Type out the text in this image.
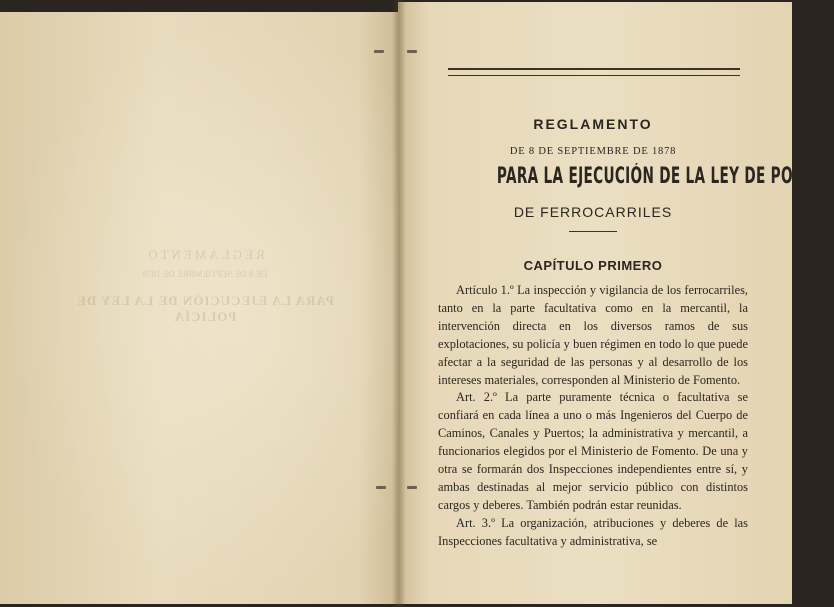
REGLAMENTO
DE 8 DE SEPTIEMBRE DE 1878
PARA LA EJECUCIÓN DE LA LEY DE POLICÍA
REGLAMENTO
DE 8 DE SEPTIEMBRE DE 1878
PARA LA EJECUCIÓN DE LA LEY DE POLICÍA
DE FERROCARRILES
CAPÍTULO PRIMERO

Artículo 1.º La inspección y vigilancia de los ferrocarriles, tanto en la parte facultativa como en la mercantil, la intervención directa en los diversos ramos de sus explotaciones, su policía y buen régimen en todo lo que puede afectar a la seguridad de las personas y al desarrollo de los intereses materiales, corresponden al Ministerio de Fomento.

Art. 2.º La parte puramente técnica o facultativa se confiará en cada línea a uno o más Ingenieros del Cuerpo de Caminos, Canales y Puertos; la administrativa y mercantil, a funcionarios elegidos por el Ministerio de Fomento. De una y otra se formarán dos Inspecciones independientes entre sí, y ambas destinadas al mejor servicio público con distintos cargos y deberes. También podrán estar reunidas.

Art. 3.º La organización, atribuciones y deberes de las Inspecciones facultativa y administrativa, se
